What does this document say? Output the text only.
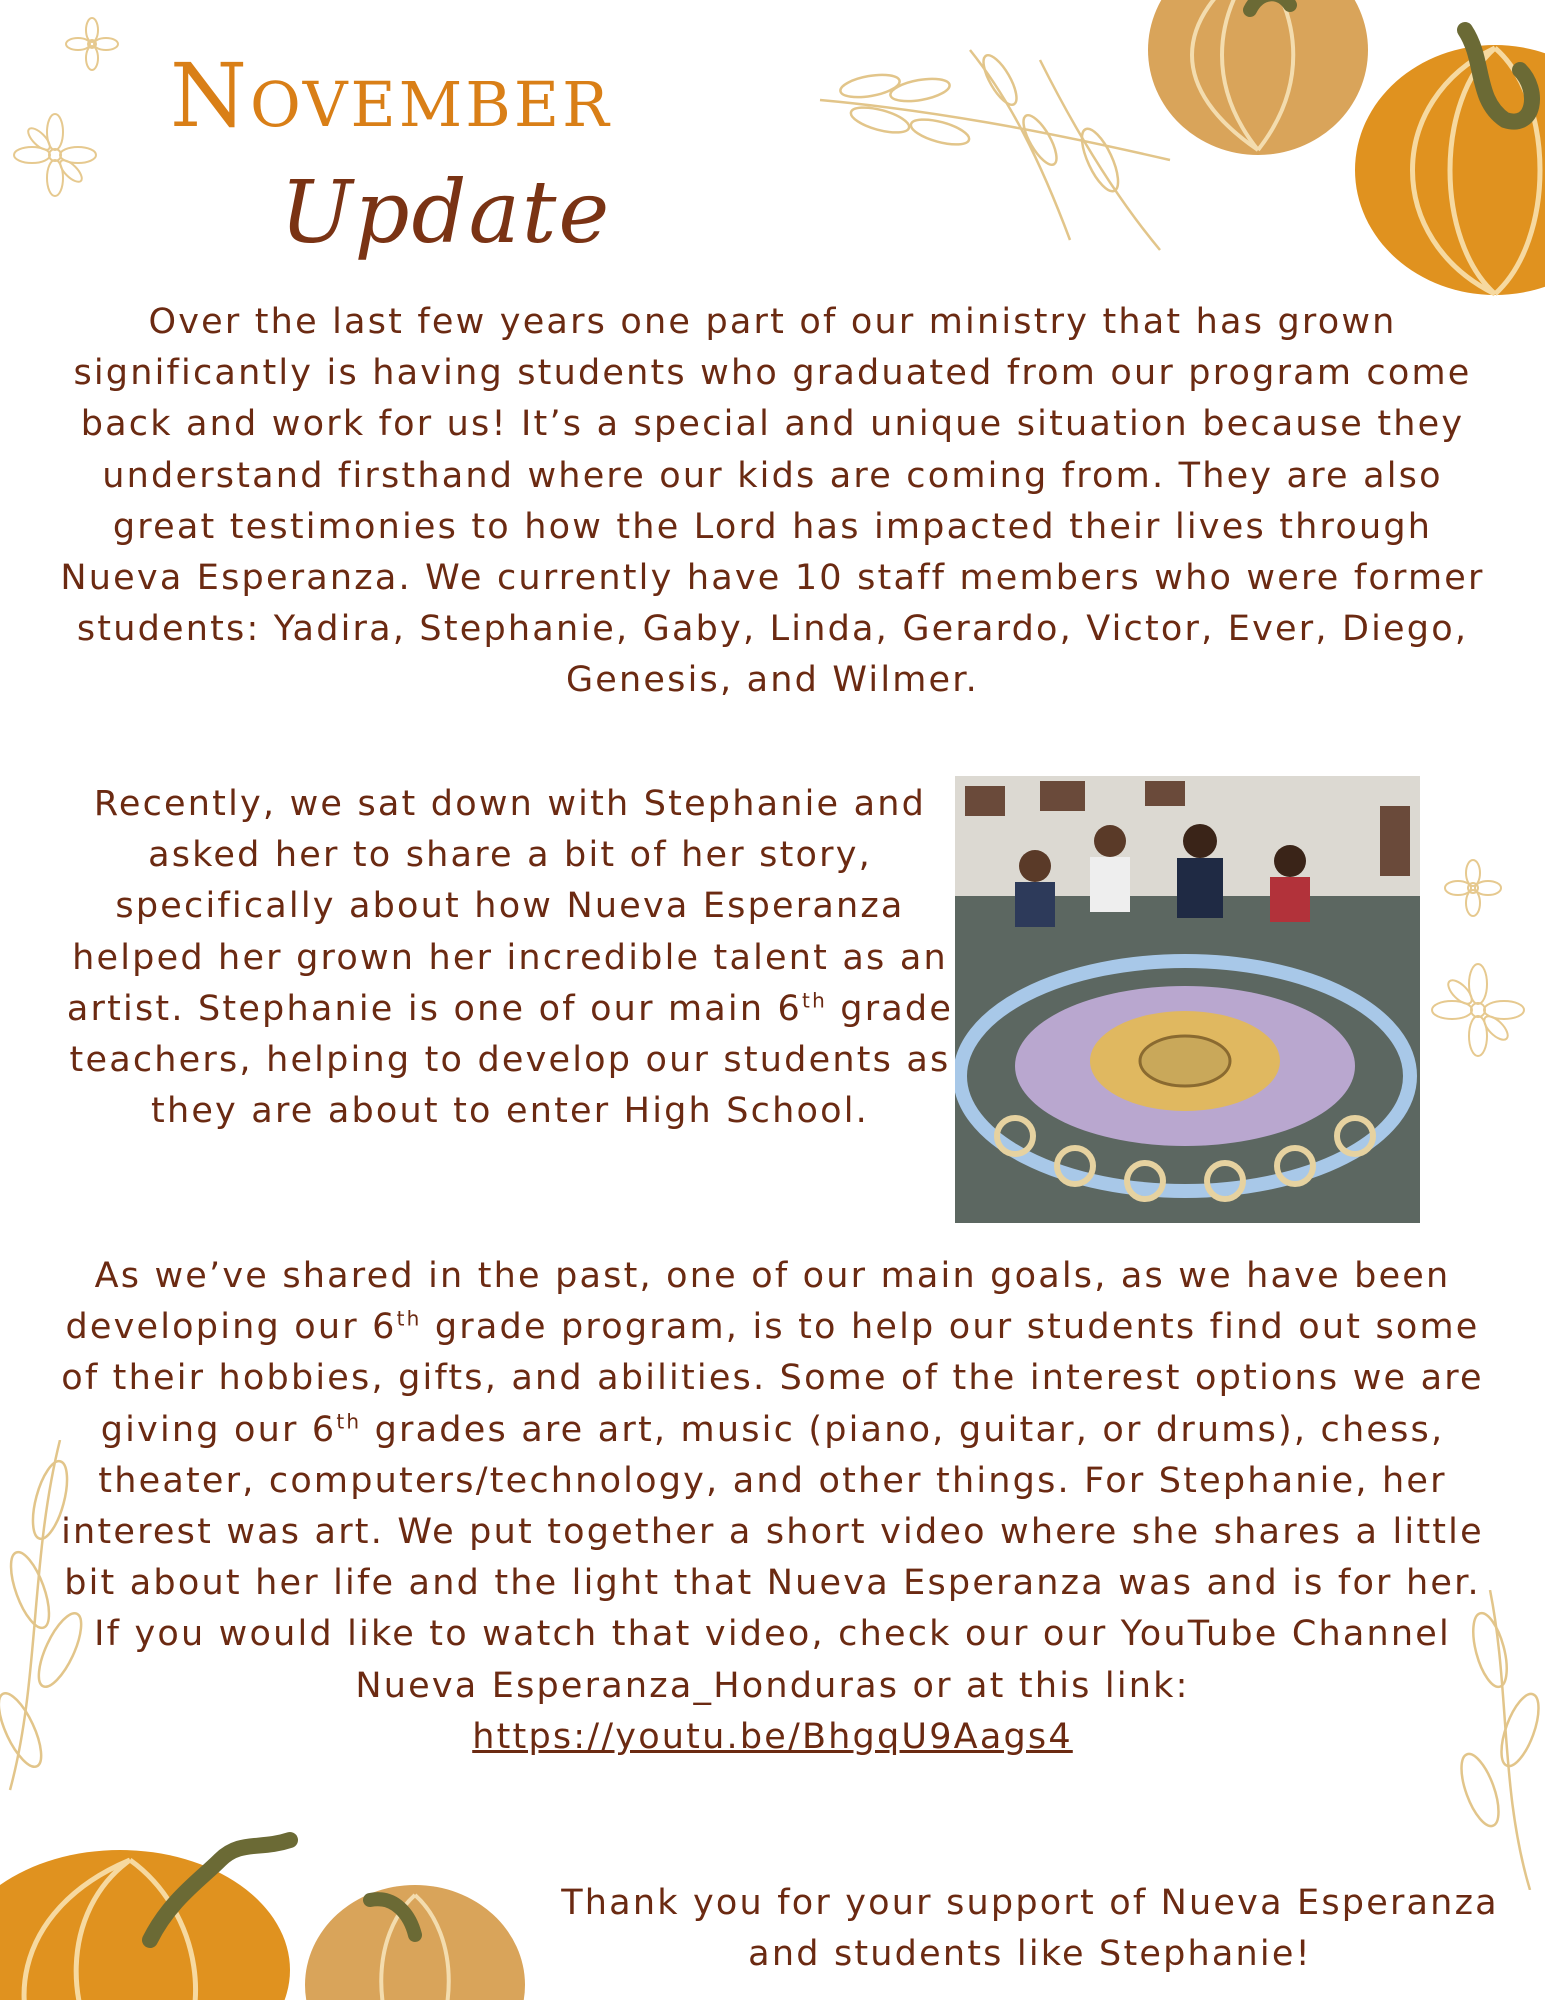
November
Update
Over the last few years one part of our ministry that has grown significantly is having students who graduated from our program come back and work for us! It’s a special and unique situation because they understand firsthand where our kids are coming from. They are also great testimonies to how the Lord has impacted their lives through Nueva Esperanza. We currently have 10 staff members who were former students: Yadira, Stephanie, Gaby, Linda, Gerardo, Victor, Ever, Diego, Genesis, and Wilmer.
Recently, we sat down with Stephanie and asked her to share a bit of her story, specifically about how Nueva Esperanza helped her grown her incredible talent as an artist. Stephanie is one of our main 6th grade teachers, helping to develop our students as they are about to enter High School.
As we’ve shared in the past, one of our main goals, as we have been developing our 6th grade program, is to help our students find out some of their hobbies, gifts, and abilities. Some of the interest options we are giving our 6th grades are art, music (piano, guitar, or drums), chess, theater, computers/technology, and other things. For Stephanie, her interest was art. We put together a short video where she shares a little bit about her life and the light that Nueva Esperanza was and is for her. If you would like to watch that video, check our our YouTube Channel Nueva Esperanza_Honduras or at this link: https://youtu.be/BhgqU9Aags4
Thank you for your support of Nueva Esperanza and students like Stephanie!
